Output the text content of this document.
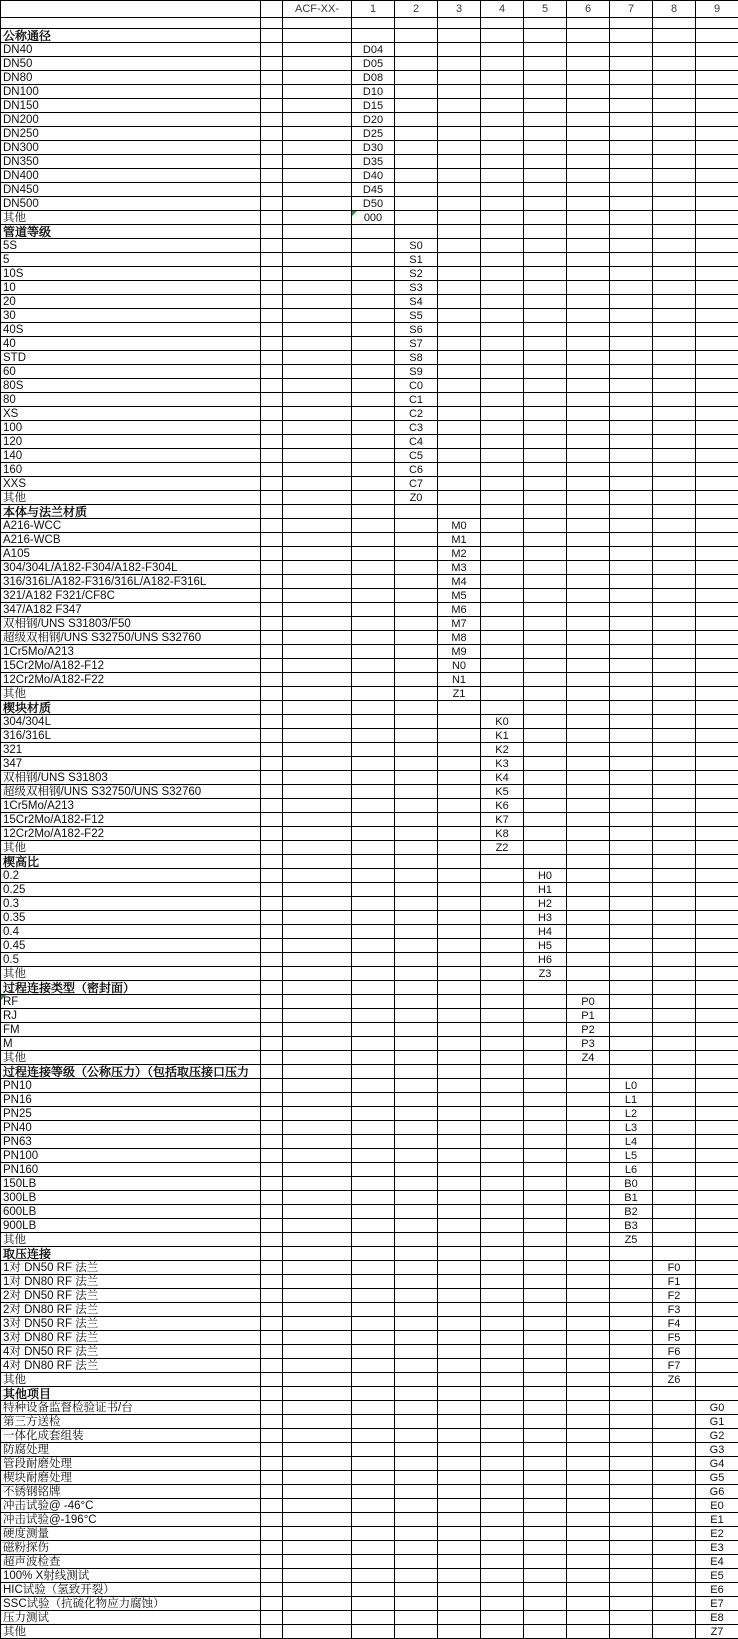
ACF-XX-	1	2	3	4	5	6	7	8	9
公称通径
DN40	D04
DN50	D05
DN80	D08
DN100	D10
DN150	D15
DN200	D20
DN250	D25
DN300	D30
DN350	D35
DN400	D40
DN450	D45
DN500	D50
其他	000
管道等级
5S	S0
5	S1
10S	S2
10	S3
20	S4
30	S5
40S	S6
40	S7
STD	S8
60	S9
80S	C0
80	C1
XS	C2
100	C3
120	C4
140	C5
160	C6
XXS	C7
其他	Z0
本体与法兰材质
A216-WCC	M0
A216-WCB	M1
A105	M2
304/304L/A182-F304/A182-F304L	M3
316/316L/A182-F316/316L/A182-F316L	M4
321/A182 F321/CF8C	M5
347/A182 F347	M6
双相钢/UNS S31803/F50	M7
超级双相钢/UNS S32750/UNS S32760	M8
1Cr5Mo/A213	M9
15Cr2Mo/A182-F12	N0
12Cr2Mo/A182-F22	N1
其他	Z1
楔块材质
304/304L	K0
316/316L	K1
321	K2
347	K3
双相钢/UNS S31803	K4
超级双相钢/UNS S32750/UNS S32760	K5
1Cr5Mo/A213	K6
15Cr2Mo/A182-F12	K7
12Cr2Mo/A182-F22	K8
其他	Z2
楔高比
0.2	H0
0.25	H1
0.3	H2
0.35	H3
0.4	H4
0.45	H5
0.5	H6
其他	Z3
过程连接类型（密封面）
RF	P0
RJ	P1
FM	P2
M	P3
其他	Z4
过程连接等级（公称压力）（包括取压接口压力
PN10	L0
PN16	L1
PN25	L2
PN40	L3
PN63	L4
PN100	L5
PN160	L6
150LB	B0
300LB	B1
600LB	B2
900LB	B3
其他	Z5
取压连接
1对 DN50 RF 法兰	F0
1对 DN80 RF 法兰	F1
2对 DN50 RF 法兰	F2
2对 DN80 RF 法兰	F3
3对 DN50 RF 法兰	F4
3对 DN80 RF 法兰	F5
4对 DN50 RF 法兰	F6
4对 DN80 RF 法兰	F7
其他	Z6
其他项目
特种设备监督检验证书/台	G0
第三方送检	G1
一体化成套组装	G2
防腐处理	G3
管段耐磨处理	G4
楔块耐磨处理	G5
不锈钢铭牌	G6
冲击试验@ -46°C	E0
冲击试验@-196°C	E1
硬度测量	E2
磁粉探伤	E3
超声波检查	E4
100% X射线测试	E5
HIC试验（氢致开裂）	E6
SSC试验（抗硫化物应力腐蚀）	E7
压力测试	E8
其他	Z7
